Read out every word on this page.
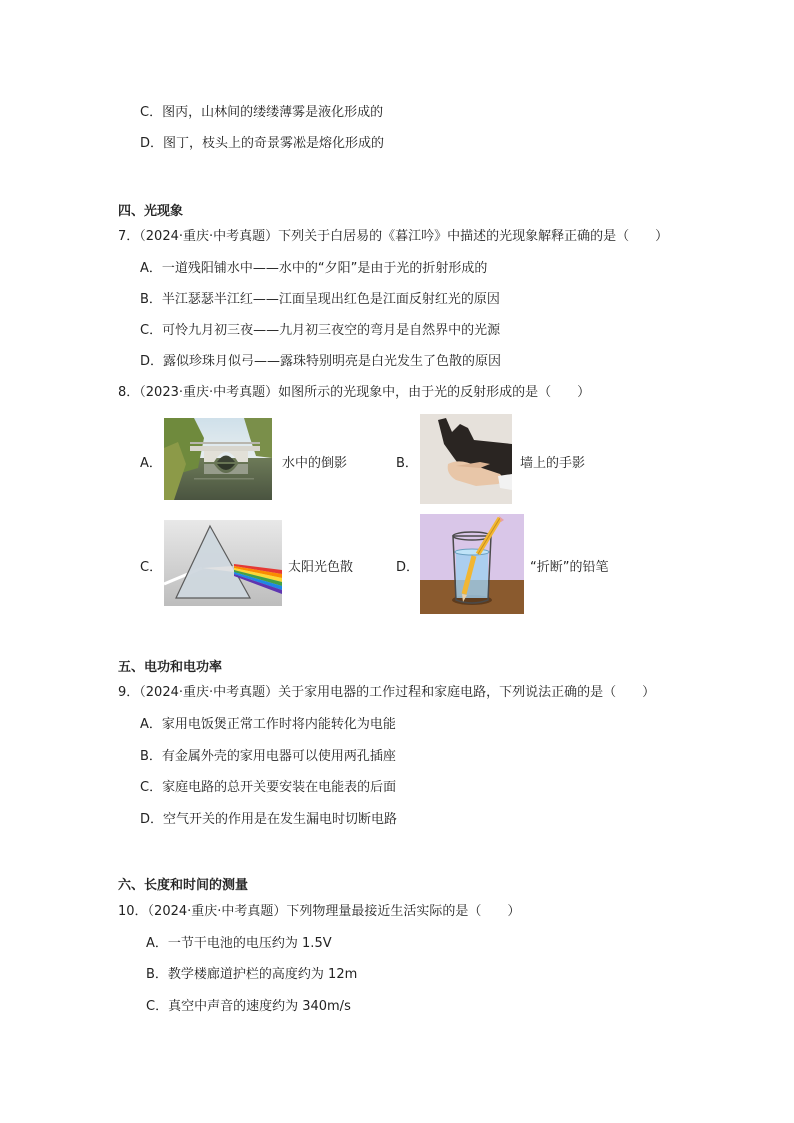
C．图丙，山林间的缕缕薄雾是液化形成的
D．图丁，枝头上的奇景雾凇是熔化形成的
四、光现象
7．（2024·重庆·中考真题）下列关于白居易的《暮江吟》中描述的光现象解释正确的是（　　）
A．一道残阳铺水中——水中的“夕阳”是由于光的折射形成的
B．半江瑟瑟半江红——江面呈现出红色是江面反射红光的原因
C．可怜九月初三夜——九月初三夜空的弯月是自然界中的光源
D．露似珍珠月似弓——露珠特别明亮是白光发生了色散的原因
8．（2023·重庆·中考真题）如图所示的光现象中，由于光的反射形成的是（　　）
A．	水中的倒影	B．	墙上的手影
C．	太阳光色散	D．	“折断”的铅笔
五、电功和电功率
9．（2024·重庆·中考真题）关于家用电器的工作过程和家庭电路，下列说法正确的是（　　）
A．家用电饭煲正常工作时将内能转化为电能
B．有金属外壳的家用电器可以使用两孔插座
C．家庭电路的总开关要安装在电能表的后面
D．空气开关的作用是在发生漏电时切断电路
六、长度和时间的测量
10．（2024·重庆·中考真题）下列物理量最接近生活实际的是（　　）
A．一节干电池的电压约为 1.5V
B．教学楼廊道护栏的高度约为 12m
C．真空中声音的速度约为 340m/s
